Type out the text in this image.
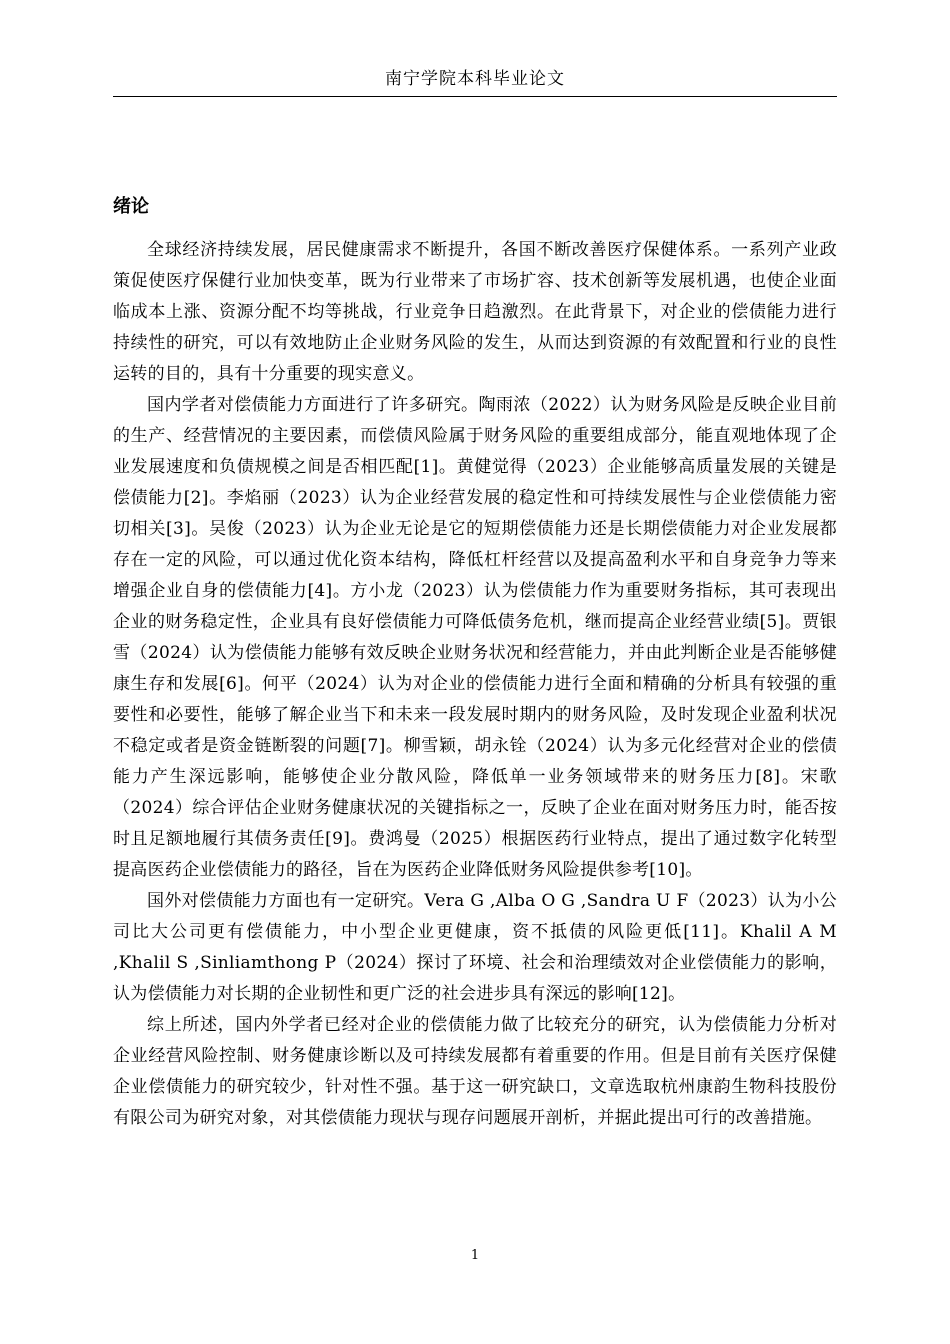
南宁学院本科毕业论文
绪论

全球经济持续发展，居民健康需求不断提升，各国不断改善医疗保健体系。一系列产业政策促使医疗保健行业加快变革，既为行业带来了市场扩容、技术创新等发展机遇，也使企业面临成本上涨、资源分配不均等挑战，行业竞争日趋激烈。在此背景下，对企业的偿债能力进行持续性的研究，可以有效地防止企业财务风险的发生，从而达到资源的有效配置和行业的良性运转的目的，具有十分重要的现实意义。

国内学者对偿债能力方面进行了许多研究。陶雨浓（2022）认为财务风险是反映企业目前的生产、经营情况的主要因素，而偿债风险属于财务风险的重要组成部分，能直观地体现了企业发展速度和负债规模之间是否相匹配[1]。黄健觉得（2023）企业能够高质量发展的关键是偿债能力[2]。李焰丽（2023）认为企业经营发展的稳定性和可持续发展性与企业偿债能力密切相关[3]。吴俊（2023）认为企业无论是它的短期偿债能力还是长期偿债能力对企业发展都存在一定的风险，可以通过优化资本结构，降低杠杆经营以及提高盈利水平和自身竞争力等来增强企业自身的偿债能力[4]。方小龙（2023）认为偿债能力作为重要财务指标，其可表现出企业的财务稳定性，企业具有良好偿债能力可降低债务危机，继而提高企业经营业绩[5]。贾银雪（2024）认为偿债能力能够有效反映企业财务状况和经营能力，并由此判断企业是否能够健康生存和发展[6]。何平（2024）认为对企业的偿债能力进行全面和精确的分析具有较强的重要性和必要性，能够了解企业当下和未来一段发展时期内的财务风险，及时发现企业盈利状况不稳定或者是资金链断裂的问题[7]。柳雪颖，胡永铨（2024）认为多元化经营对企业的偿债能力产生深远影响，能够使企业分散风险，降低单一业务领域带来的财务压力[8]。宋歌（2024）综合评估企业财务健康状况的关键指标之一，反映了企业在面对财务压力时，能否按时且足额地履行其债务责任[9]。费鸿曼（2025）根据医药行业特点，提出了通过数字化转型提高医药企业偿债能力的路径，旨在为医药企业降低财务风险提供参考[10]。

国外对偿债能力方面也有一定研究。Vera G ,Alba O G ,Sandra U F（2023）认为小公司比大公司更有偿债能力，中小型企业更健康，资不抵债的风险更低[11]。Khalil A M ,Khalil S ,Sinliamthong P（2024）探讨了环境、社会和治理绩效对企业偿债能力的影响，认为偿债能力对长期的企业韧性和更广泛的社会进步具有深远的影响[12]。

综上所述，国内外学者已经对企业的偿债能力做了比较充分的研究，认为偿债能力分析对企业经营风险控制、财务健康诊断以及可持续发展都有着重要的作用。但是目前有关医疗保健企业偿债能力的研究较少，针对性不强。基于这一研究缺口，文章选取杭州康韵生物科技股份有限公司为研究对象，对其偿债能力现状与现存问题展开剖析，并据此提出可行的改善措施。

1
